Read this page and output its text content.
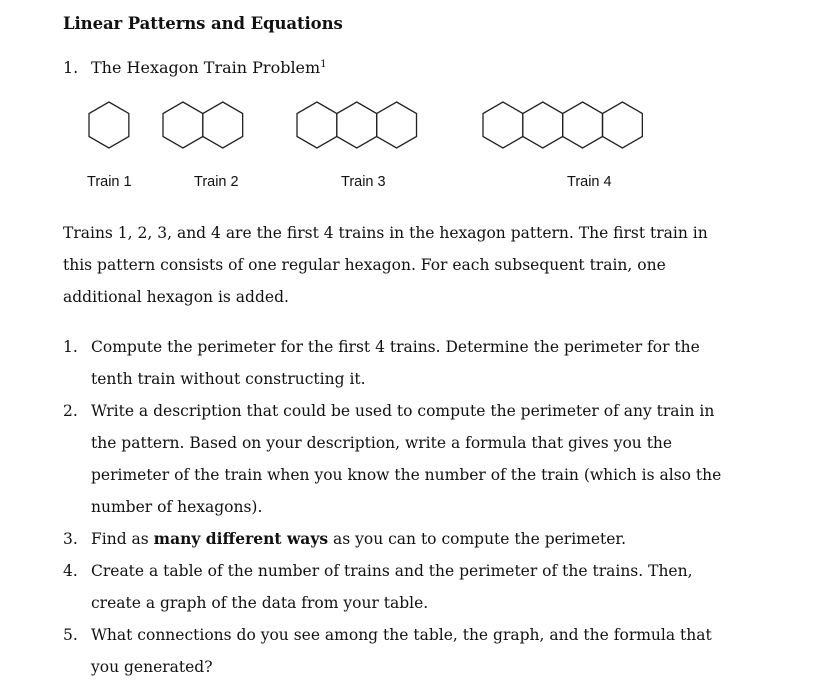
Linear Patterns and Equations
1. The Hexagon Train Problem$^1$
Train 1	Train 2	Train 3	Train 4
Trains 1, 2, 3, and 4 are the first 4 trains in the hexagon pattern. The first train in
this pattern consists of one regular hexagon. For each subsequent train, one
additional hexagon is added.
1. Compute the perimeter for the first 4 trains. Determine the perimeter for the
tenth train without constructing it.
2. Write a description that could be used to compute the perimeter of any train in
the pattern. Based on your description, write a formula that gives you the
perimeter of the train when you know the number of the train (which is also the
number of hexagons).
3. Find as many different ways as you can to compute the perimeter.
4. Create a table of the number of trains and the perimeter of the trains. Then,
create a graph of the data from your table.
5. What connections do you see among the table, the graph, and the formula that
you generated?
